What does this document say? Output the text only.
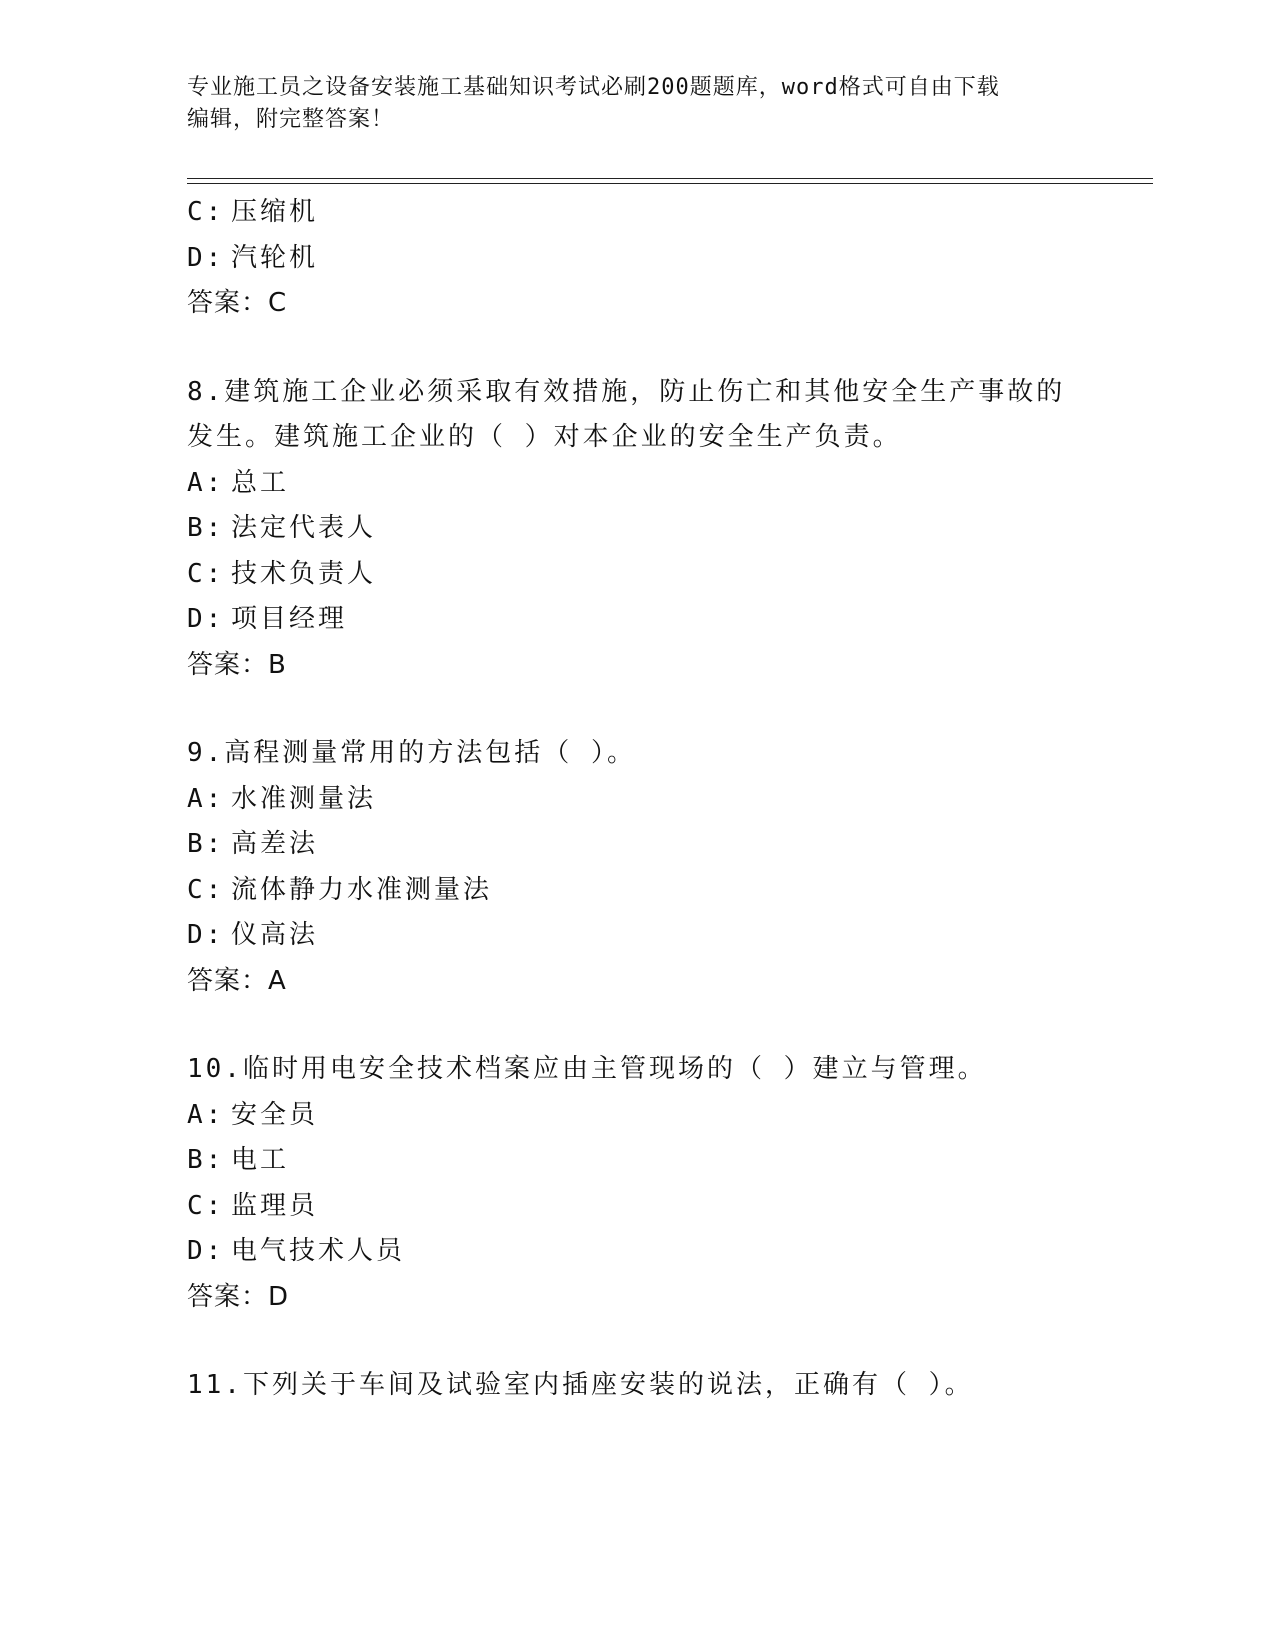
专业施工员之设备安装施工基础知识考试必刷200题题库，word格式可自由下载
编辑，附完整答案！
C: 压缩机
D: 汽轮机
答案：C
8.建筑施工企业必须采取有效措施，防止伤亡和其他安全生产事故的
发生。建筑施工企业的（ ）对本企业的安全生产负责。
A: 总工
B: 法定代表人
C: 技术负责人
D: 项目经理
答案：B
9.高程测量常用的方法包括（ ）。
A: 水准测量法
B: 高差法
C: 流体静力水准测量法
D: 仪高法
答案：A
10.临时用电安全技术档案应由主管现场的（ ）建立与管理。
A: 安全员
B: 电工
C: 监理员
D: 电气技术人员
答案：D
11.下列关于车间及试验室内插座安装的说法，正确有（ ）。
